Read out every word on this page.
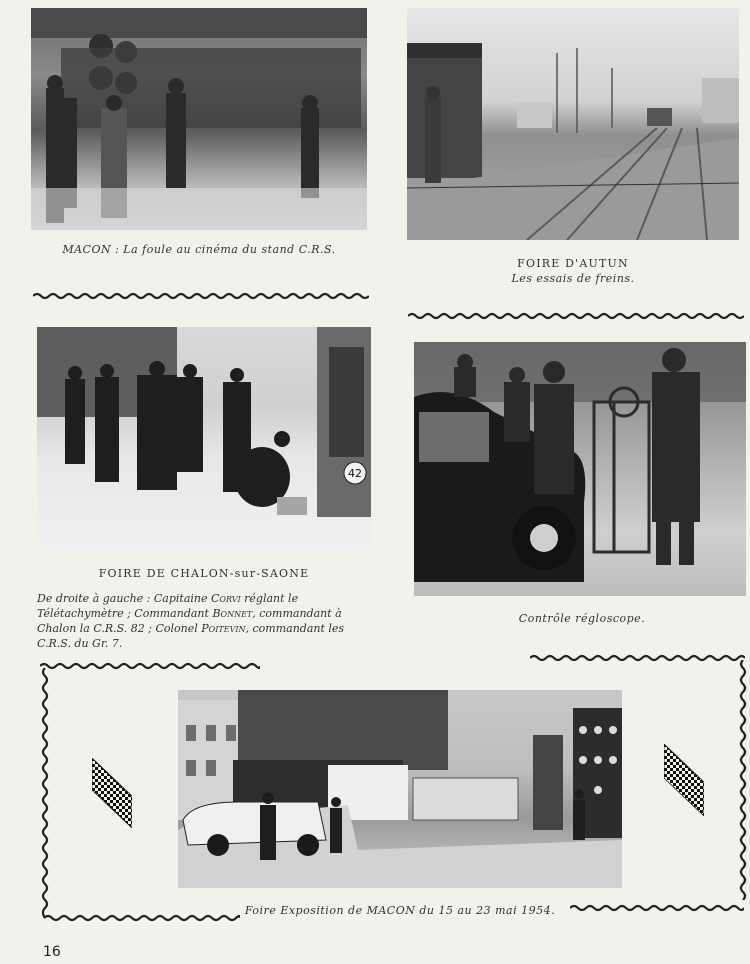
MACON : La foule au cinéma du stand C.R.S.
FOIRE D'AUTUN
Les essais de freins.
42
FOIRE DE CHALON-sur-SAONE
De droite à gauche : Capitaine Corvi réglant le Télétachymètre ; Commandant Bonnet, commandant à Chalon la C.R.S. 82 ; Colonel Poitevin, commandant les C.R.S. du Gr. 7.
Contrôle régloscope.
Foire Exposition de MACON du 15 au 23 mai 1954.
16
